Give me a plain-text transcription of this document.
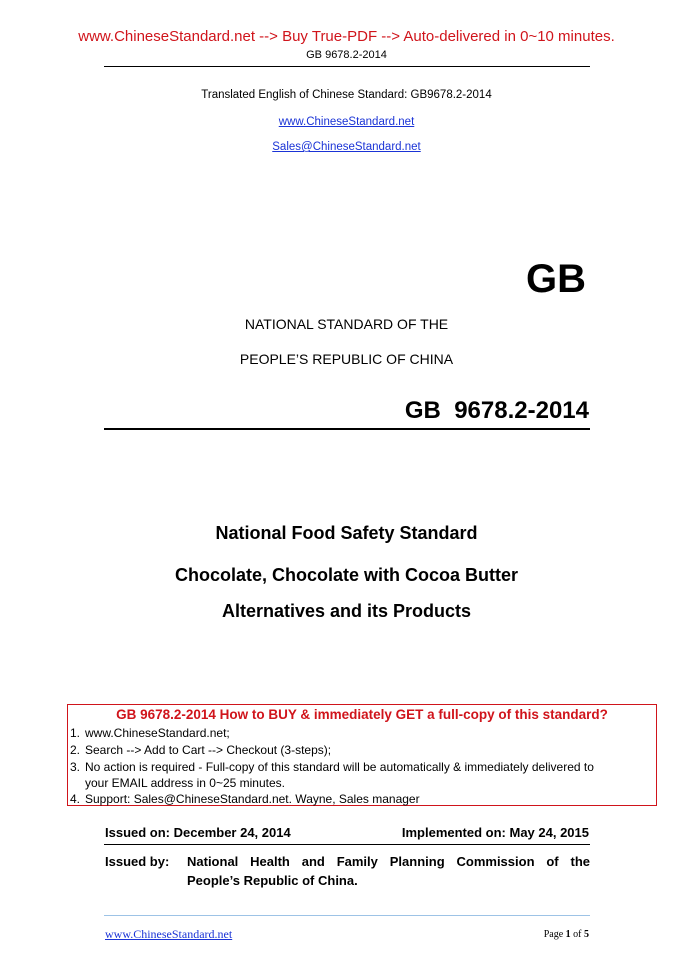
www.ChineseStandard.net --> Buy True-PDF --> Auto-delivered in 0~10 minutes.
GB 9678.2-2014
Translated English of Chinese Standard: GB9678.2-2014
www.ChineseStandard.net
Sales@ChineseStandard.net
GB
NATIONAL STANDARD OF THE
PEOPLE’S REPUBLIC OF CHINA
GB  9678.2-2014
National Food Safety Standard
Chocolate, Chocolate with Cocoa Butter
Alternatives and its Products
GB 9678.2-2014 How to BUY & immediately GET a full-copy of this standard?
1. www.ChineseStandard.net;
2. Search --> Add to Cart --> Checkout (3-steps);
3. No action is required - Full-copy of this standard will be automatically & immediately delivered to
your EMAIL address in 0~25 minutes.
4. Support: Sales@ChineseStandard.net. Wayne, Sales manager
Issued on: December 24, 2014	Implemented on: May 24, 2015
Issued by: National Health and Family Planning Commission of the
People’s Republic of China.
www.ChineseStandard.net	Page 1 of 5
